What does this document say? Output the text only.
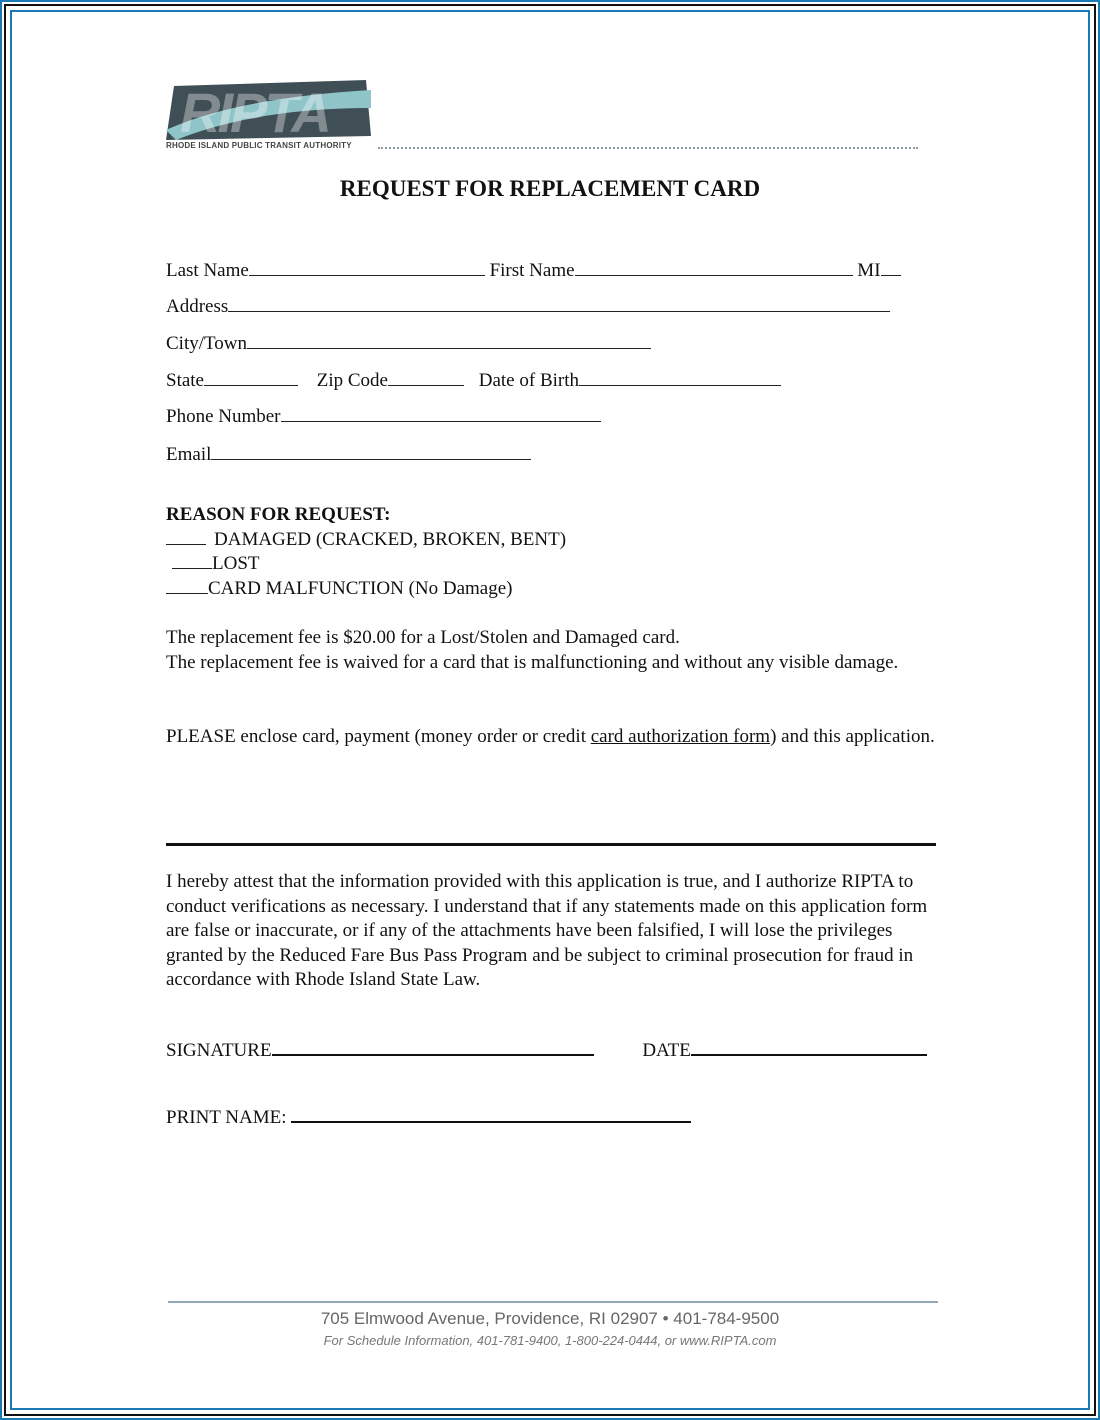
RIPTA
RHODE ISLAND PUBLIC TRANSIT AUTHORITY
REQUEST FOR REPLACEMENT CARD
Last Name	First Name	MI
Address
City/Town
State	Zip Code	Date of Birth
Phone Number
Email
REASON FOR REQUEST:
DAMAGED (CRACKED, BROKEN, BENT)
LOST
CARD MALFUNCTION (No Damage)
The replacement fee is $20.00 for a Lost/Stolen and Damaged card.
The replacement fee is waived for a card that is malfunctioning and without any visible damage.
PLEASE enclose card, payment (money order or credit card authorization form) and this application.
I hereby attest that the information provided with this application is true, and I authorize RIPTA to conduct verifications as necessary. I understand that if any statements made on this application form are false or inaccurate, or if any of the attachments have been falsified, I will lose the privileges granted by the Reduced Fare Bus Pass Program and be subject to criminal prosecution for fraud in accordance with Rhode Island State Law.
SIGNATURE	DATE
PRINT NAME:
705 Elmwood Avenue, Providence, RI 02907 • 401-784-9500
For Schedule Information, 401-781-9400, 1-800-224-0444, or www.RIPTA.com
